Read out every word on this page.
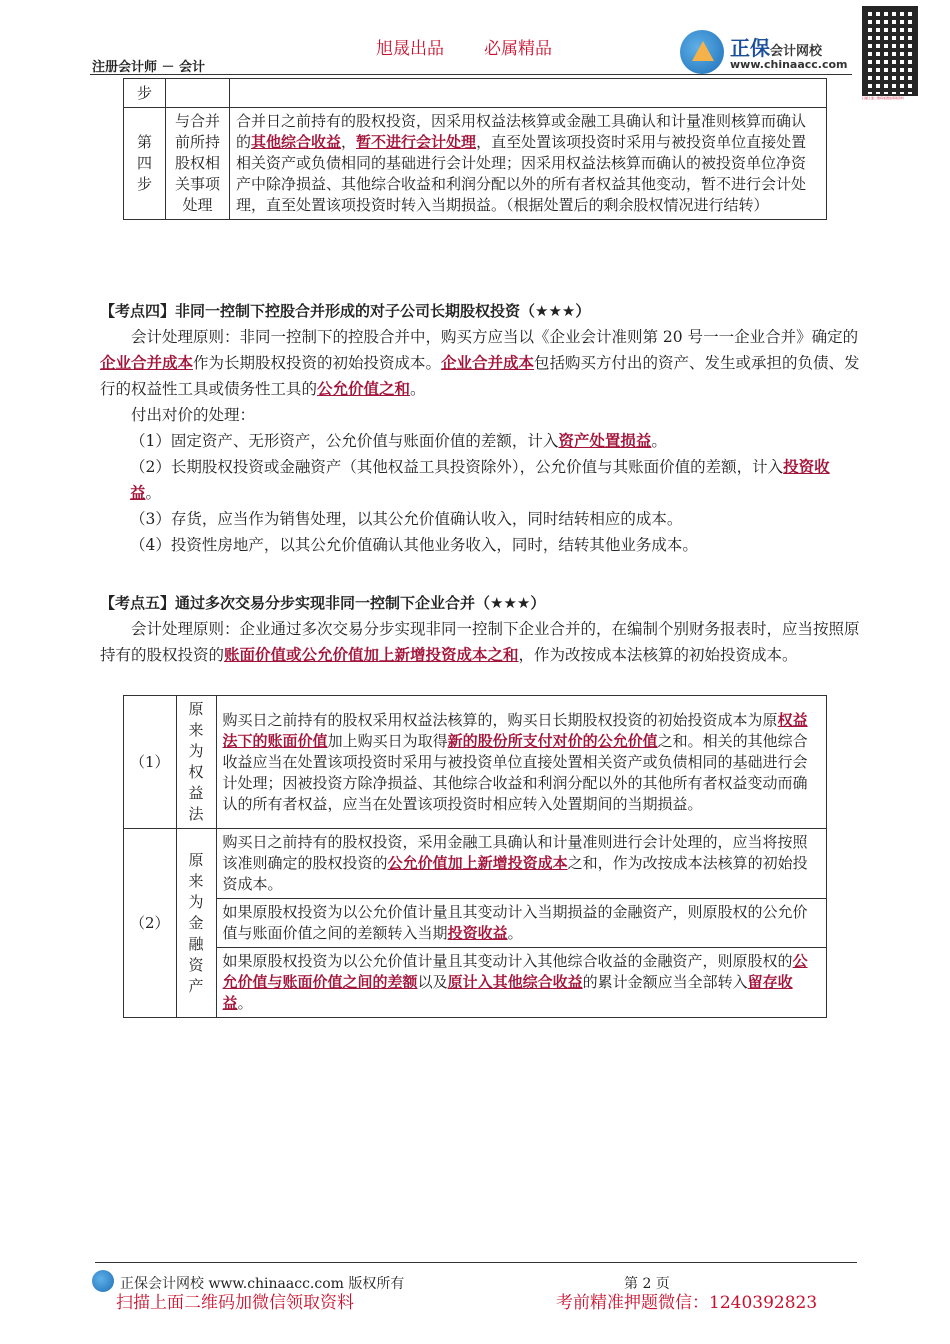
旭晟出品 必属精品
注册会计师 － 会计
正保会计网校
www.chinaacc.com
扫描上面二维码加微信领取资料
步		
第四步	与合并前所持股权相关事项处理	合并日之前持有的股权投资，因采用权益法核算或金融工具确认和计量准则核算而确认的其他综合收益，暂不进行会计处理，直至处置该项投资时采用与被投资单位直接处置相关资产或负债相同的基础进行会计处理；因采用权益法核算而确认的被投资单位净资产中除净损益、其他综合收益和利润分配以外的所有者权益其他变动，暂不进行会计处理，直至处置该项投资时转入当期损益。（根据处置后的剩余股权情况进行结转）

【考点四】非同一控制下控股合并形成的对子公司长期股权投资（★★★）

会计处理原则：非同一控制下的控股合并中，购买方应当以《企业会计准则第 20 号一一企业合并》确定的企业合并成本作为长期股权投资的初始投资成本。企业合并成本包括购买方付出的资产、发生或承担的负债、发行的权益性工具或债务性工具的公允价值之和。

付出对价的处理：

（1）固定资产、无形资产，公允价值与账面价值的差额，计入资产处置损益。

（2）长期股权投资或金融资产（其他权益工具投资除外），公允价值与其账面价值的差额，计入投资收益。

（3）存货，应当作为销售处理，以其公允价值确认收入，同时结转相应的成本。

（4）投资性房地产，以其公允价值确认其他业务收入，同时，结转其他业务成本。

【考点五】通过多次交易分步实现非同一控制下企业合并（★★★）

会计处理原则：企业通过多次交易分步实现非同一控制下企业合并的，在编制个别财务报表时，应当按照原持有的股权投资的账面价值或公允价值加上新增投资成本之和，作为改按成本法核算的初始投资成本。

（1）	原来为权益法	购买日之前持有的股权采用权益法核算的，购买日长期股权投资的初始投资成本为原权益法下的账面价值加上购买日为取得新的股份所支付对价的公允价值之和。相关的其他综合收益应当在处置该项投资时采用与被投资单位直接处置相关资产或负债相同的基础进行会计处理；因被投资方除净损益、其他综合收益和利润分配以外的其他所有者权益变动而确认的所有者权益，应当在处置该项投资时相应转入处置期间的当期损益。
（2）	原来为金融资产	购买日之前持有的股权投资，采用金融工具确认和计量准则进行会计处理的，应当将按照该准则确定的股权投资的公允价值加上新增投资成本之和，作为改按成本法核算的初始投资成本。
		如果原股权投资为以公允价值计量且其变动计入当期损益的金融资产，则原股权的公允价值与账面价值之间的差额转入当期投资收益。
		如果原股权投资为以公允价值计量且其变动计入其他综合收益的金融资产，则原股权的公允价值与账面价值之间的差额以及原计入其他综合收益的累计金额应当全部转入留存收益。
正保会计网校 www.chinaacc.com 版权所有	第 2 页
扫描上面二维码加微信领取资料	考前精准押题微信：1240392823
